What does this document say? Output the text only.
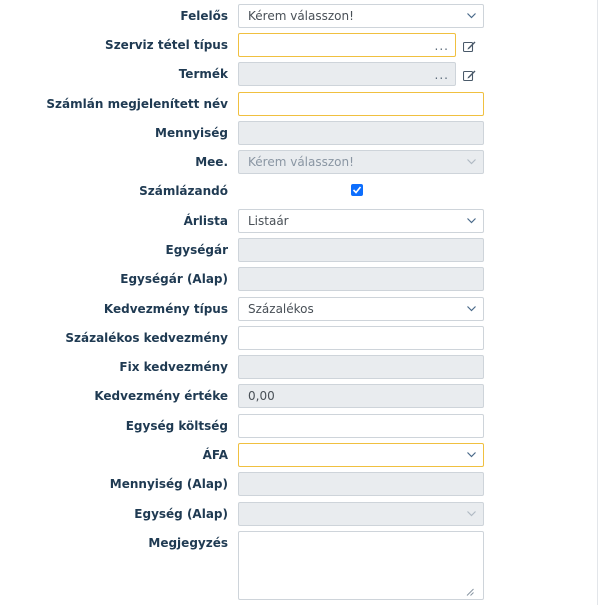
Felelős Kérem válasszon!
Szerviz tétel típus	...
Termék	...
Számlán megjelenített név
Mennyiség
Mee. Kérem válasszon!
Számlázandó
Árlista Listaár
Egységár
Egységár (Alap)
Kedvezmény típus Százalékos
Százalékos kedvezmény
Fix kedvezmény
Kedvezmény értéke 0,00
Egység költség
ÁFA
Mennyiség (Alap)
Egység (Alap)
Megjegyzés
